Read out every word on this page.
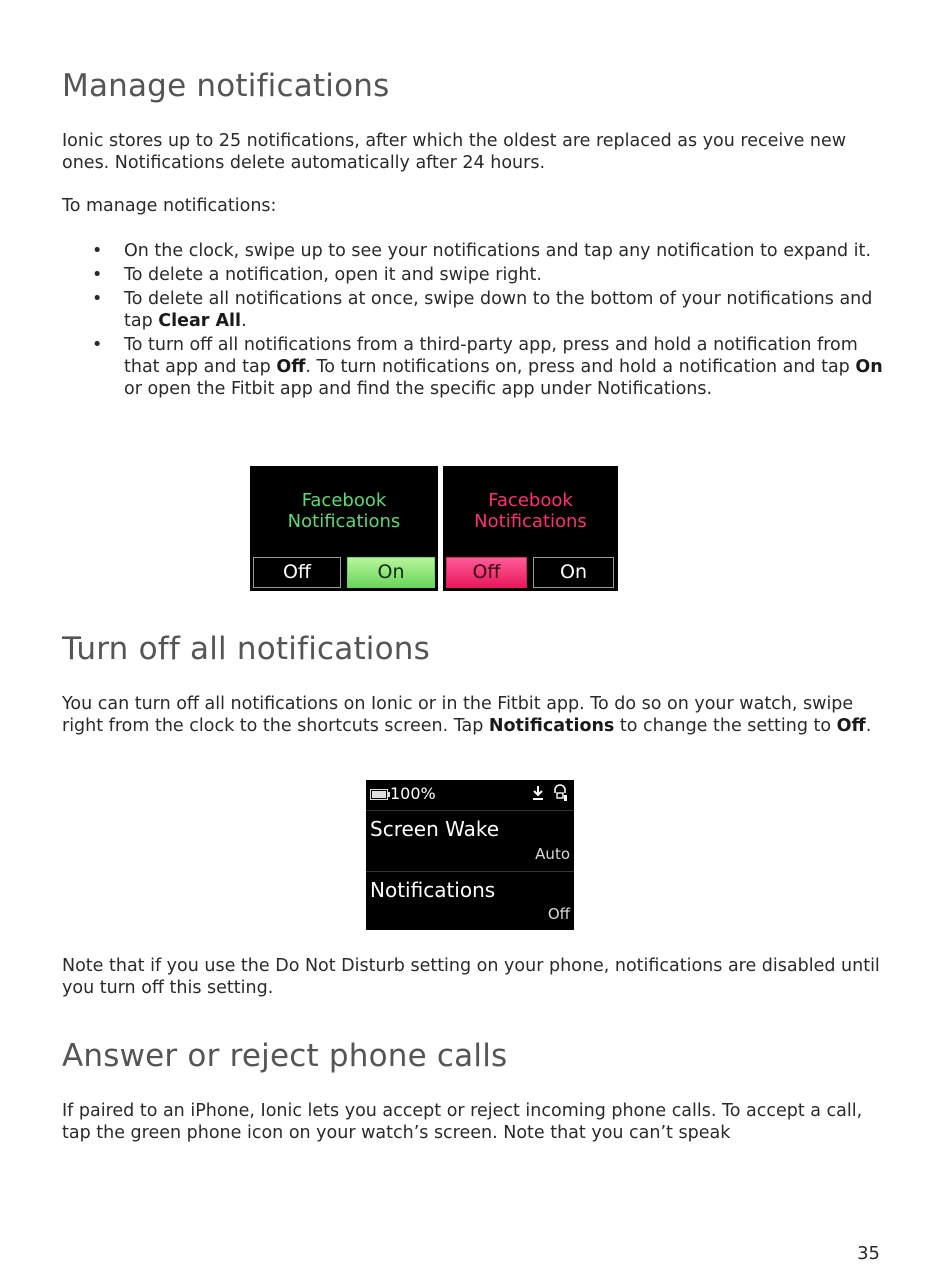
Manage notifications

Ionic stores up to 25 notifications, after which the oldest are replaced as you receive new ones. Notifications delete automatically after 24 hours.

To manage notifications:

• On the clock, swipe up to see your notifications and tap any notification to expand it.
• To delete a notification, open it and swipe right.
• To delete all notifications at once, swipe down to the bottom of your notifications and tap Clear All.
• To turn off all notifications from a third-party app, press and hold a notification from that app and tap Off. To turn notifications on, press and hold a notification and tap On or open the Fitbit app and find the specific app under Notifications.
Facebook
Notifications
Off	On
Facebook
Notifications
Off	On
Turn off all notifications

You can turn off all notifications on Ionic or in the Fitbit app. To do so on your watch, swipe right from the clock to the shortcuts screen. Tap Notifications to change the setting to Off.

100%

Screen Wake
Auto
Notifications
Off

Note that if you use the Do Not Disturb setting on your phone, notifications are disabled until you turn off this setting.

Answer or reject phone calls

If paired to an iPhone, Ionic lets you accept or reject incoming phone calls. To accept a call, tap the green phone icon on your watch’s screen. Note that you can’t speak

35
